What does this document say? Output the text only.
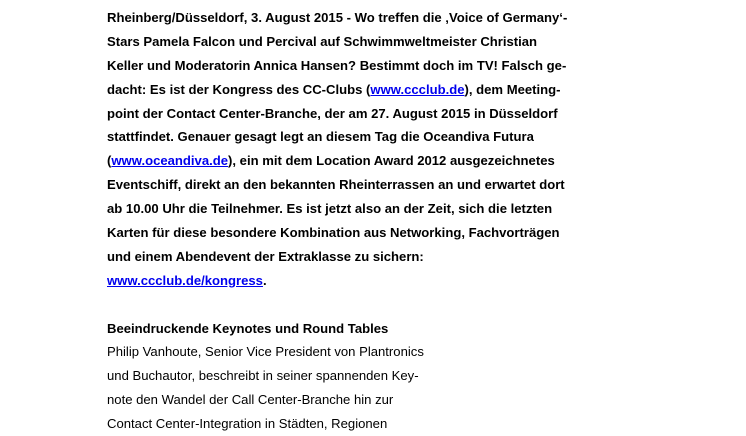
Rheinberg/Düsseldorf, 3. August 2015 - Wo treffen die ‚Voice of Germany‘-
Stars Pamela Falcon und Percival auf Schwimmweltmeister Christian
Keller und Moderatorin Annica Hansen? Bestimmt doch im TV! Falsch ge-
dacht: Es ist der Kongress des CC-Clubs (www.ccclub.de), dem Meeting-
point der Contact Center-Branche, der am 27. August 2015 in Düsseldorf
stattfindet. Genauer gesagt legt an diesem Tag die Oceandiva Futura
(www.oceandiva.de), ein mit dem Location Award 2012 ausgezeichnetes
Eventschiff, direkt an den bekannten Rheinterrassen an und erwartet dort
ab 10.00 Uhr die Teilnehmer. Es ist jetzt also an der Zeit, sich die letzten
Karten für diese besondere Kombination aus Networking, Fachvorträgen
und einem Abendevent der Extraklasse zu sichern:
www.ccclub.de/kongress.
Beeindruckende Keynotes und Round Tables
Philip Vanhoute, Senior Vice President von Plantronics
und Buchautor, beschreibt in seiner spannenden Key-
note den Wandel der Call Center-Branche hin zur
Contact Center-Integration in Städten, Regionen
